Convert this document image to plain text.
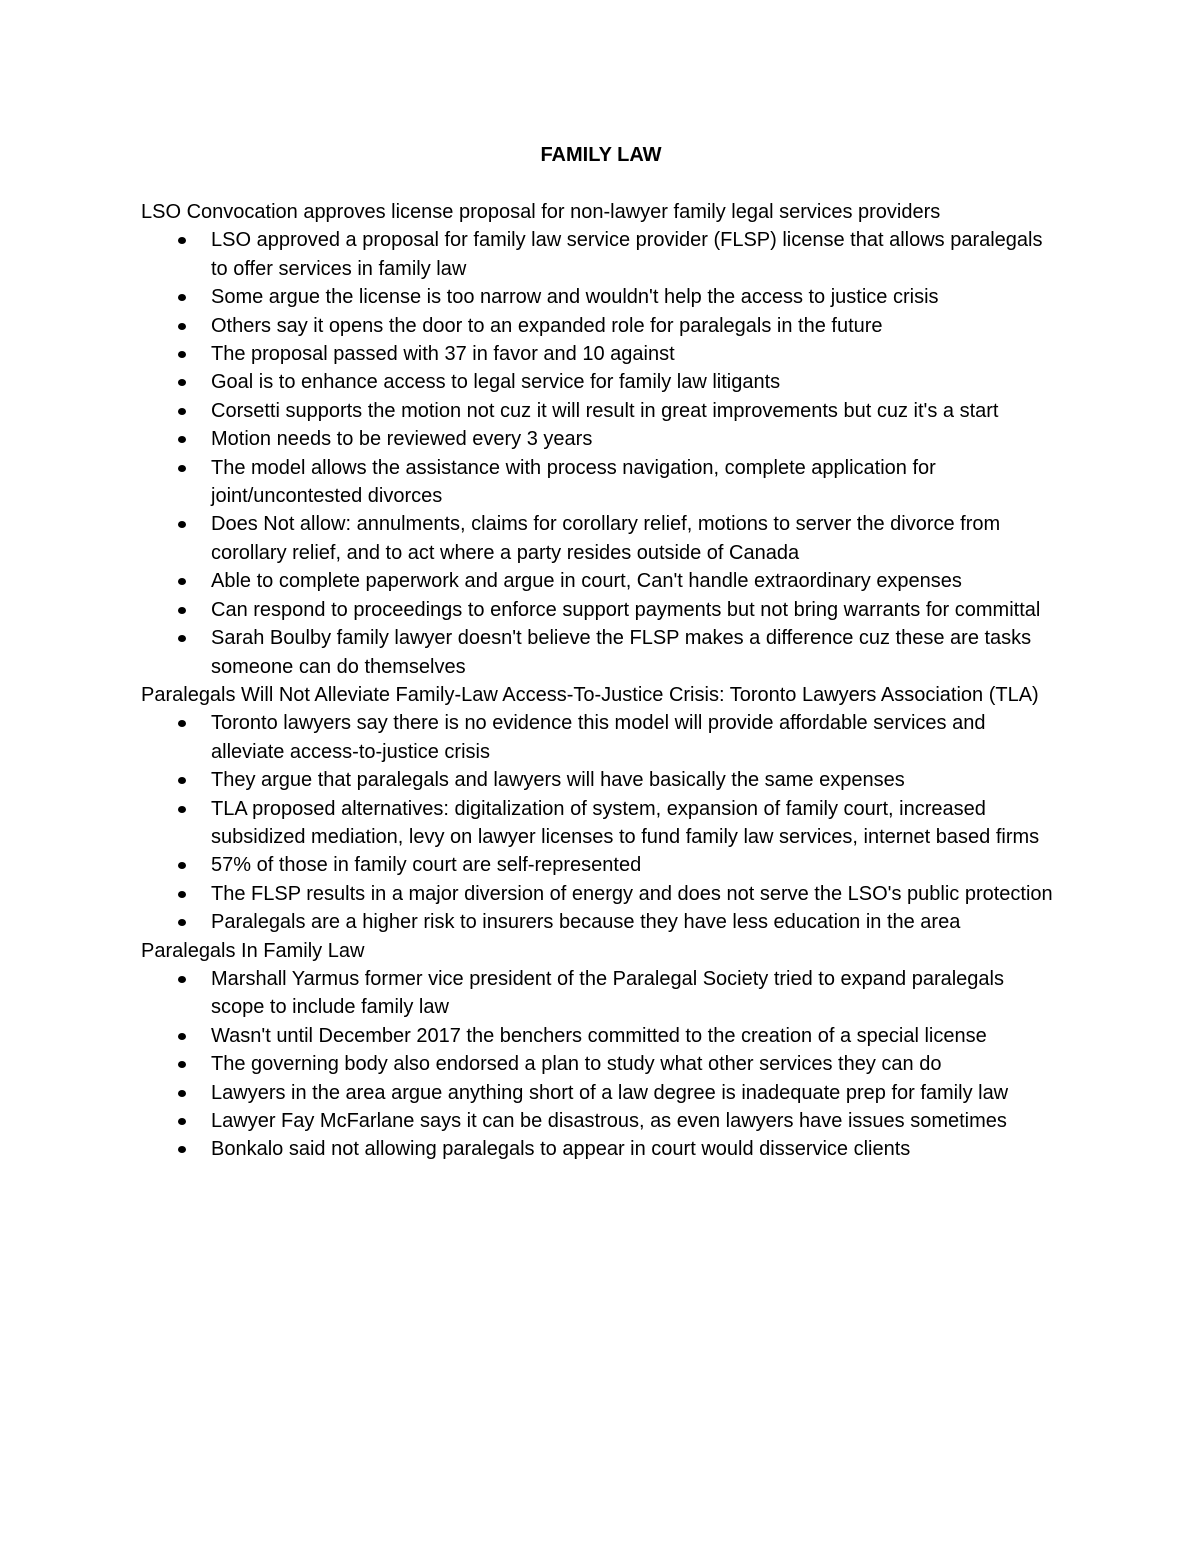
FAMILY LAW
LSO Convocation approves license proposal for non-lawyer family legal services providers
LSO approved a proposal for family law service provider (FLSP) license that allows paralegals to offer services in family law
Some argue the license is too narrow and wouldn't help the access to justice crisis
Others say it opens the door to an expanded role for paralegals in the future
The proposal passed with 37 in favor and 10 against
Goal is to enhance access to legal service for family law litigants
Corsetti supports the motion not cuz it will result in great improvements but cuz it's a start
Motion needs to be reviewed every 3 years
The model allows the assistance with process navigation, complete application for joint/uncontested divorces
Does Not allow: annulments, claims for corollary relief, motions to server the divorce from corollary relief, and to act where a party resides outside of Canada
Able to complete paperwork and argue in court, Can't handle extraordinary expenses
Can respond to proceedings to enforce support payments but not bring warrants for committal
Sarah Boulby family lawyer doesn't believe the FLSP makes a difference cuz these are tasks someone can do themselves
Paralegals Will Not Alleviate Family-Law Access-To-Justice Crisis: Toronto Lawyers Association (TLA)
Toronto lawyers say there is no evidence this model will provide affordable services and alleviate access-to-justice crisis
They argue that paralegals and lawyers will have basically the same expenses
TLA proposed alternatives: digitalization of system, expansion of family court, increased subsidized mediation, levy on lawyer licenses to fund family law services, internet based firms
57% of those in family court are self-represented
The FLSP results in a major diversion of energy and does not serve the LSO's public protection
Paralegals are a higher risk to insurers because they have less education in the area
Paralegals In Family Law
Marshall Yarmus former vice president of the Paralegal Society tried to expand paralegals scope to include family law
Wasn't until December 2017 the benchers committed to the creation of a special license
The governing body also endorsed a plan to study what other services they can do
Lawyers in the area argue anything short of a law degree is inadequate prep for family law
Lawyer Fay McFarlane says it can be disastrous, as even lawyers have issues sometimes
Bonkalo said not allowing paralegals to appear in court would disservice clients
